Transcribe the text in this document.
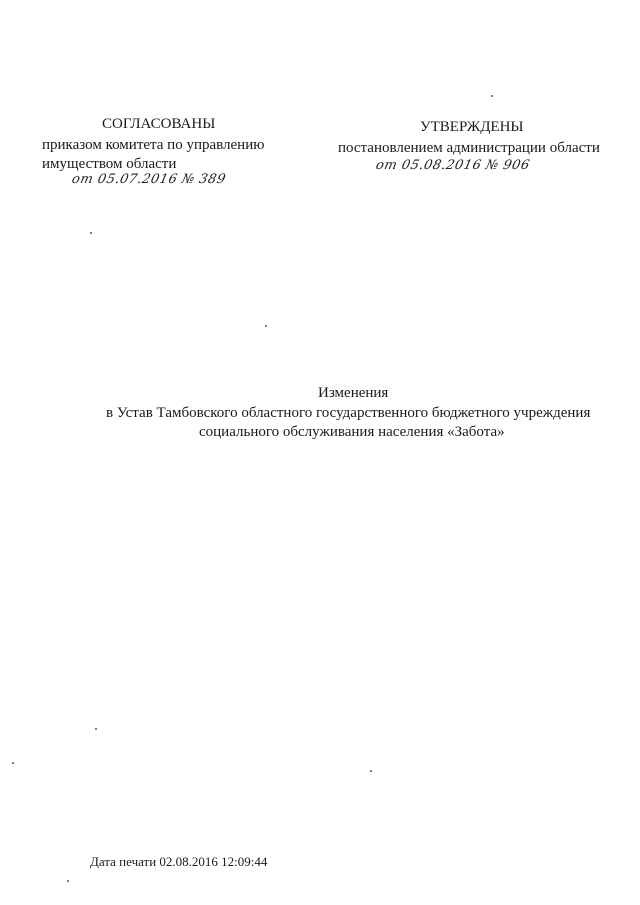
СОГЛАСОВАНЫ
приказом комитета по управлению
имуществом области
от 05.07.2016 № 389
УТВЕРЖДЕНЫ
постановлением администрации области
от 05.08.2016 № 906
Изменения
в Устав Тамбовского областного государственного бюджетного учреждения
социального обслуживания населения «Забота»
Дата печати 02.08.2016 12:09:44
